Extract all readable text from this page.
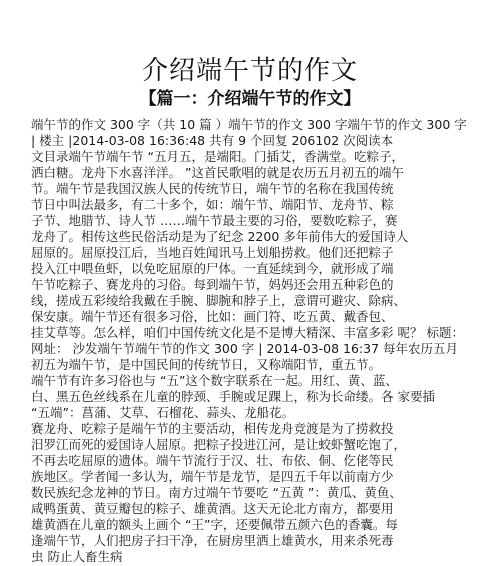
介绍端午节的作文
【篇一：介绍端午节的作文】
端午节的作文 300 字（共 10 篇 ）端午节的作文 300 字端午节的作文 300 字
| 楼主 |2014-03-08 16:36:48 共有 9 个回复 206102 次阅读本
文目录端午节端午节 “五月五，是端阳。门插艾，香满堂。吃粽子，
洒白糖。龙舟下水喜洋洋。 ”这首民歌唱的就是农历五月初五的端午
节。端午节是我国汉族人民的传统节日，端午节的名称在我国传统
节日中叫法最多，有二十多个，如：端午节、端阳节、龙舟节、粽
子节、地腊节、诗人节 ……端午节最主要的习俗，要数吃粽子，赛
龙舟了。相传这些民俗活动是为了纪念 2200 多年前伟大的爱国诗人
屈原的。屈原投江后，当地百姓闻讯马上划船捞救。他们还把粽子
投入江中喂鱼虾，以免吃屈原的尸体。一直延续到今，就形成了端
午节吃粽子、赛龙舟的习俗。每到端午节，妈妈还会用五种彩色的
线，搓成五彩绫给我戴在手腕、脚腕和脖子上，意谓可避灾、除病、
保安康。端午节还有很多习俗，比如：画门符、吃五黄、戴香包、
挂艾草等。怎么样，咱们中国传统文化是不是博大精深、丰富多彩 呢？ 标题：
网址： 沙发端午节端午节的作文 300 字 | 2014-03-08 16:37 每年农历五月
初五为端午节，是中国民间的传统节日，又称端阳节，重五节。
端午节有许多习俗也与 “五”这个数字联系在一起。用红、黄、蓝、
白、黑五色丝线系在儿童的脖颈、手腕或足踝上，称为长命缕。各 家要插
“五端”：菖蒲、艾草、石榴花、蒜头、龙船花。
赛龙舟、吃粽子是端午节的主要活动，相传龙舟竞渡是为了捞救投
汨罗江而死的爱国诗人屈原。把粽子投进江河，是让蛟虾蟹吃饱了，
不再去吃屈原的遗体。端午节流行于汉、壮、布依、侗、仡佬等民
族地区。学者闻一多认为，端午节是龙节，是四五千年以前南方少
数民族纪念龙神的节日。南方过端午节要吃 “五黄 ”：黄瓜、黄鱼、
咸鸭蛋黄、黄豆瓣包的粽子、雄黄酒。这天无论北方南方，都要用
雄黄酒在儿童的额头上画个 “王”字，还要佩带五颜六色的香囊。每
逢端午节，人们把房子扫干净，在厨房里洒上雄黄水，用来杀死毒
虫 防止人畜生病
